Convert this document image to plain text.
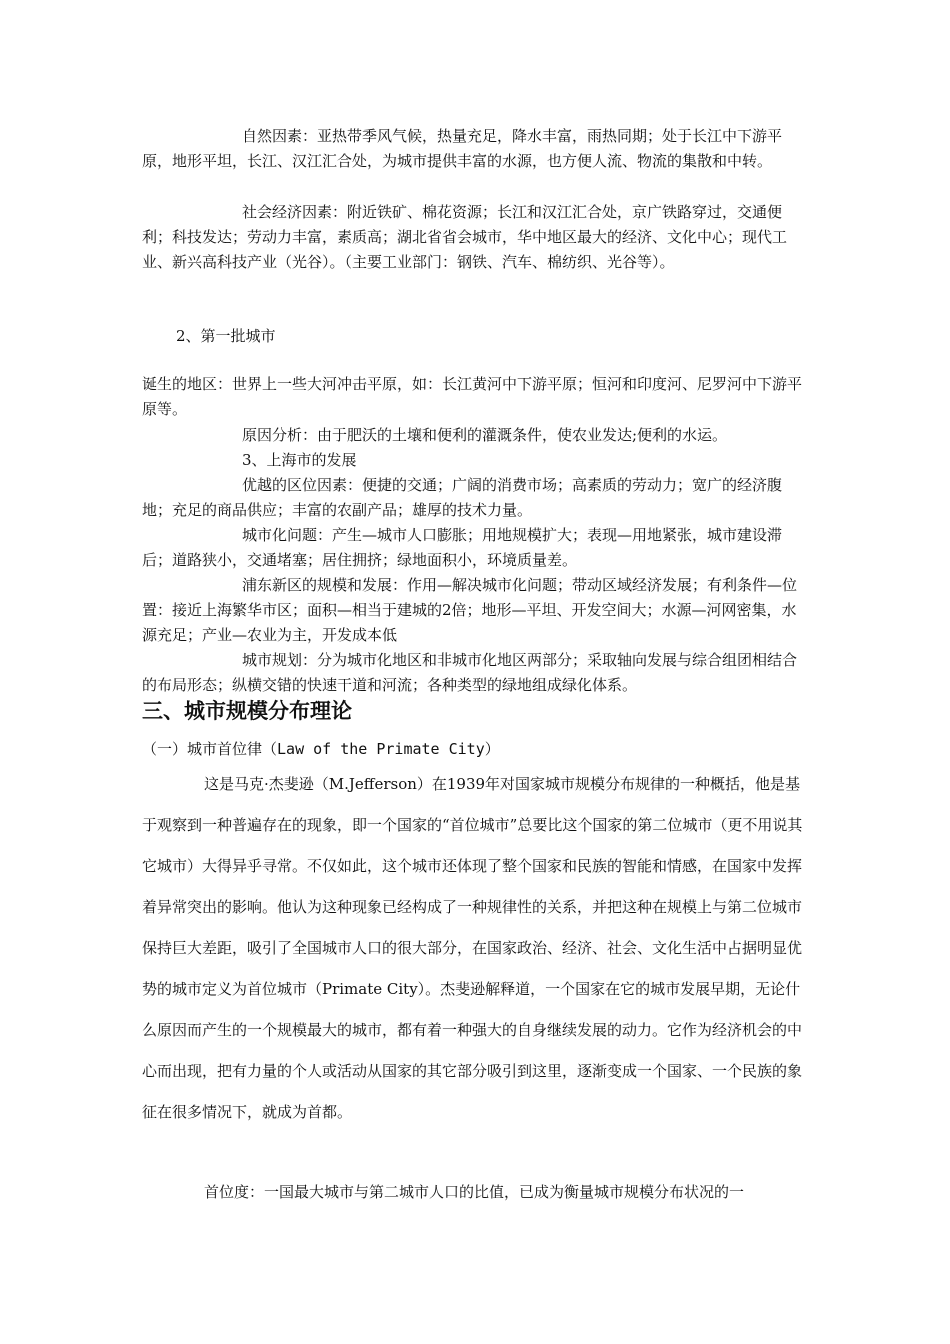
自然因素：亚热带季风气候，热量充足，降水丰富，雨热同期；处于长江中下游平原，地形平坦，长江、汉江汇合处，为城市提供丰富的水源，也方便人流、物流的集散和中转。

社会经济因素：附近铁矿、棉花资源；长江和汉江汇合处，京广铁路穿过，交通便利；科技发达；劳动力丰富，素质高；湖北省省会城市，华中地区最大的经济、文化中心；现代工业、新兴高科技产业（光谷）。（主要工业部门：钢铁、汽车、棉纺织、光谷等）。

2、第一批城市

诞生的地区：世界上一些大河冲击平原，如：长江黄河中下游平原；恒河和印度河、尼罗河中下游平原等。

原因分析：由于肥沃的土壤和便利的灌溉条件，使农业发达;便利的水运。

3、上海市的发展

优越的区位因素：便捷的交通；广阔的消费市场；高素质的劳动力；宽广的经济腹地；充足的商品供应；丰富的农副产品；雄厚的技术力量。

城市化问题：产生—城市人口膨胀；用地规模扩大；表现—用地紧张，城市建设滞后；道路狭小，交通堵塞；居住拥挤；绿地面积小，环境质量差。

浦东新区的规模和发展：作用—解决城市化问题；带动区域经济发展；有利条件—位置：接近上海繁华市区；面积—相当于建城的2倍；地形—平坦、开发空间大；水源—河网密集，水源充足；产业—农业为主，开发成本低

城市规划：分为城市化地区和非城市化地区两部分；采取轴向发展与综合组团相结合的布局形态；纵横交错的快速干道和河流；各种类型的绿地组成绿化体系。

三、城市规模分布理论

（一）城市首位律（Law of the Primate City）

这是马克·杰斐逊（M.Jefferson）在1939年对国家城市规模分布规律的一种概括，他是基于观察到一种普遍存在的现象，即一个国家的“首位城市”总要比这个国家的第二位城市（更不用说其它城市）大得异乎寻常。不仅如此，这个城市还体现了整个国家和民族的智能和情感，在国家中发挥着异常突出的影响。他认为这种现象已经构成了一种规律性的关系，并把这种在规模上与第二位城市保持巨大差距，吸引了全国城市人口的很大部分，在国家政治、经济、社会、文化生活中占据明显优势的城市定义为首位城市（Primate City）。杰斐逊解释道，一个国家在它的城市发展早期，无论什么原因而产生的一个规模最大的城市，都有着一种强大的自身继续发展的动力。它作为经济机会的中心而出现，把有力量的个人或活动从国家的其它部分吸引到这里，逐渐变成一个国家、一个民族的象征在很多情况下，就成为首都。

首位度：一国最大城市与第二城市人口的比值，已成为衡量城市规模分布状况的一
